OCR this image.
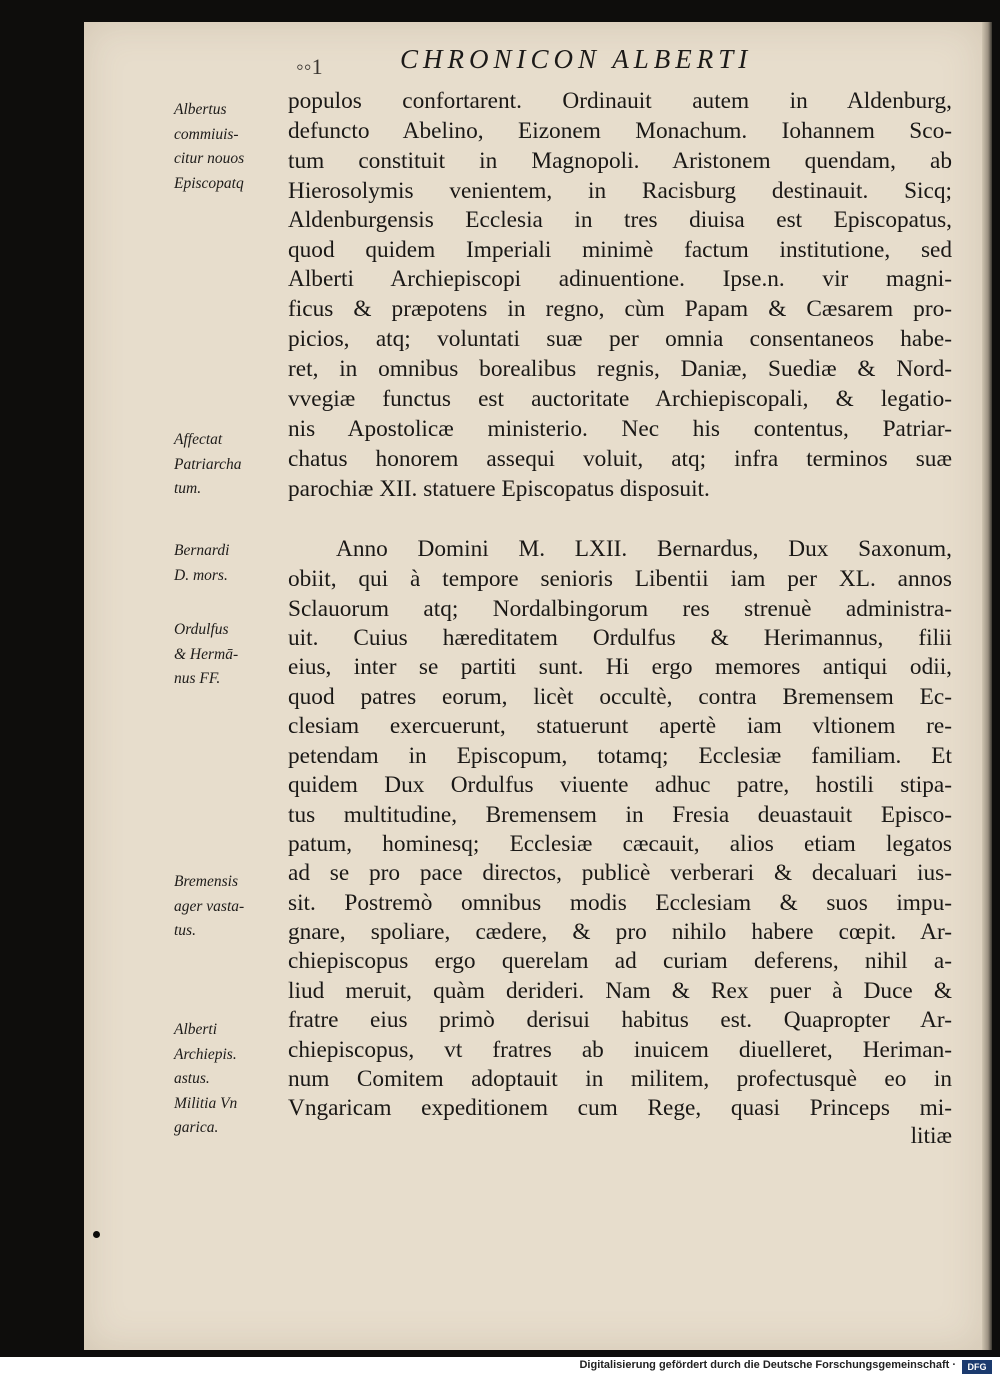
◦◦1	CHRONICON ALBERTI
Albertus
commiuis-
citur nouos
Episcopatq
Affectat
Patriarcha
tum.
Bernardi
D. mors.
Ordulfus
& Hermā-
nus FF.
Bremensis
ager vasta-
tus.
Alberti
Archiepis.
astus.
Militia Vn
garica.
populos confortarent. Ordinauit autem in Aldenburg,
defuncto Abelino, Eizonem Monachum. Iohannem Sco-
tum constituit in Magnopoli. Aristonem quendam, ab
Hierosolymis venientem, in Racisburg destinauit. Sicq;
Aldenburgensis Ecclesia in tres diuisa est Episcopatus,
quod quidem Imperiali minimè factum institutione, sed
Alberti Archiepiscopi adinuentione. Ipse.n. vir magni-
ficus & præpotens in regno, cùm Papam & Cæsarem pro-
picios, atq; voluntati suæ per omnia consentaneos habe-
ret, in omnibus borealibus regnis, Daniæ, Suediæ & Nord-
vvegiæ functus est auctoritate Archiepiscopali, & legatio-
nis Apostolicæ ministerio. Nec his contentus, Patriar-
chatus honorem assequi voluit, atq; infra terminos suæ
parochiæ XII. statuere Episcopatus disposuit.
Anno Domini M. LXII. Bernardus, Dux Saxonum,
obiit, qui à tempore senioris Libentii iam per XL. annos
Sclauorum atq; Nordalbingorum res strenuè administra-
uit. Cuius hæreditatem Ordulfus & Herimannus, filii
eius, inter se partiti sunt. Hi ergo memores antiqui odii,
quod patres eorum, licèt occultè, contra Bremensem Ec-
clesiam exercuerunt, statuerunt apertè iam vltionem re-
petendam in Episcopum, totamq; Ecclesiæ familiam. Et
quidem Dux Ordulfus viuente adhuc patre, hostili stipa-
tus multitudine, Bremensem in Fresia deuastauit Episco-
patum, hominesq; Ecclesiæ cæcauit, alios etiam legatos
ad se pro pace directos, publicè verberari & decaluari ius-
sit. Postremò omnibus modis Ecclesiam & suos impu-
gnare, spoliare, cædere, & pro nihilo habere cœpit. Ar-
chiepiscopus ergo querelam ad curiam deferens, nihil a-
liud meruit, quàm derideri. Nam & Rex puer à Duce &
fratre eius primò derisui habitus est. Quapropter Ar-
chiepiscopus, vt fratres ab inuicem diuelleret, Heriman-
num Comitem adoptauit in militem, profectusquè eo in
Vngaricam expeditionem cum Rege, quasi Princeps mi-
litiæ
Digitalisierung gefördert durch die Deutsche Forschungsgemeinschaft ·	DFG
